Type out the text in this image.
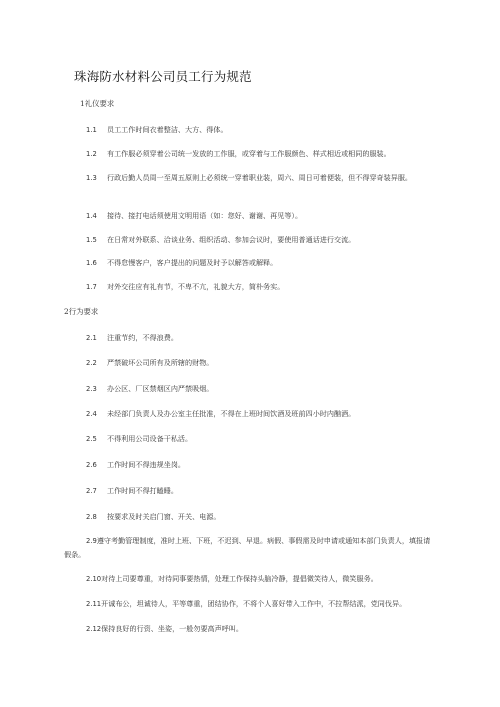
珠海防水材料公司员工行为规范
1礼仪要求
1.1 员工工作时间衣着整洁、大方、得体。
1.2 有工作服必须穿着公司统一发放的工作服，或穿着与工作服颜色、样式相近或相同的服装。
1.3 行政后勤人员周一至周五原则上必须统一穿着职业装，周六、周日可着便装，但不得穿奇装异服。
1.4 接待、接打电话须使用文明用语（如：您好、谢谢、再见等）。
1.5 在日常对外联系、洽谈业务、组织活动、参加会议时，要使用普通话进行交流。
1.6 不得怠慢客户，客户提出的问题及时予以解答或解释。
1.7 对外交往应有礼有节，不卑不亢，礼貌大方，简朴务实。
2行为要求
2.1 注重节约，不得浪费。
2.2 严禁破坏公司所有及所辖的财物。
2.3 办公区、厂区禁烟区内严禁吸烟。
2.4 未经部门负责人及办公室主任批准，不得在上班时间饮酒及班前四小时内酗酒。
2.5 不得利用公司设备干私活。
2.6 工作时间不得违规坐岗。
2.7 工作时间不得打瞌睡。
2.8 按要求及时关启门窗、开关、电源。
2.9遵守考勤管理制度，准时上班、下班，不迟到、早退。病假、事假需及时申请或通知本部门负责人，填报请假条。
2.10对待上司要尊重，对待同事要热情，处理工作保持头脑冷静，提倡微笑待人，微笑服务。
2.11开诚布公，坦诚待人，平等尊重，团结协作，不将个人喜好带入工作中，不拉帮结派，党同伐异。
2.12保持良好的行资、坐姿，一般勿要高声呼叫。
